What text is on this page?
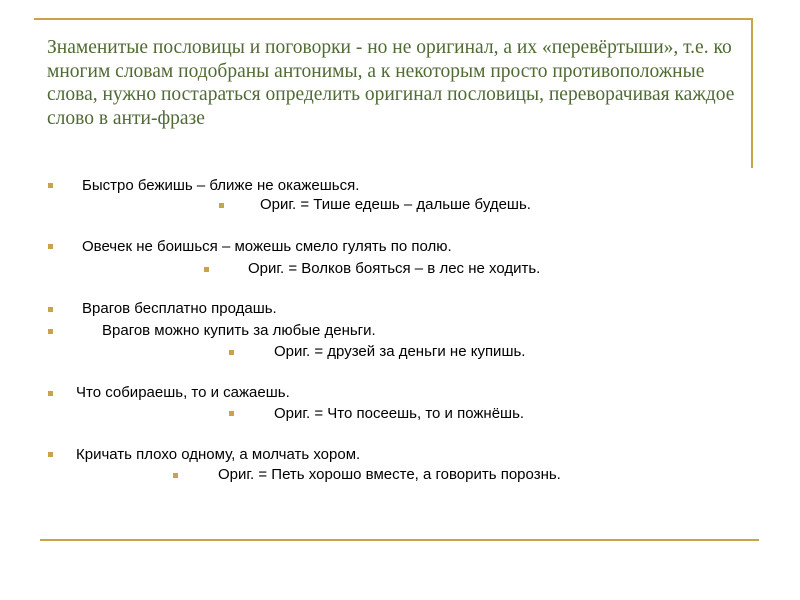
Знаменитые пословицы и поговорки - но не оригинал, а их «перевёртыши», т.е. ко многим словам подобраны антонимы, а к некоторым просто противоположные слова, нужно постараться определить оригинал пословицы, переворачивая каждое слово в анти-фразе

Быстро бежишь – ближе не окажешься.
Ориг. = Тише едешь – дальше будешь.
Овечек не боишься – можешь смело гулять по полю.
Ориг. = Волков бояться – в лес не ходить.
Врагов бесплатно продашь.
Врагов можно купить за любые деньги.
Ориг. = друзей за деньги не купишь.
Что собираешь, то и сажаешь.
Ориг. = Что посеешь, то и пожнёшь.
Кричать плохо одному, а молчать хором.
Ориг. = Петь хорошо вместе, а говорить порознь.
